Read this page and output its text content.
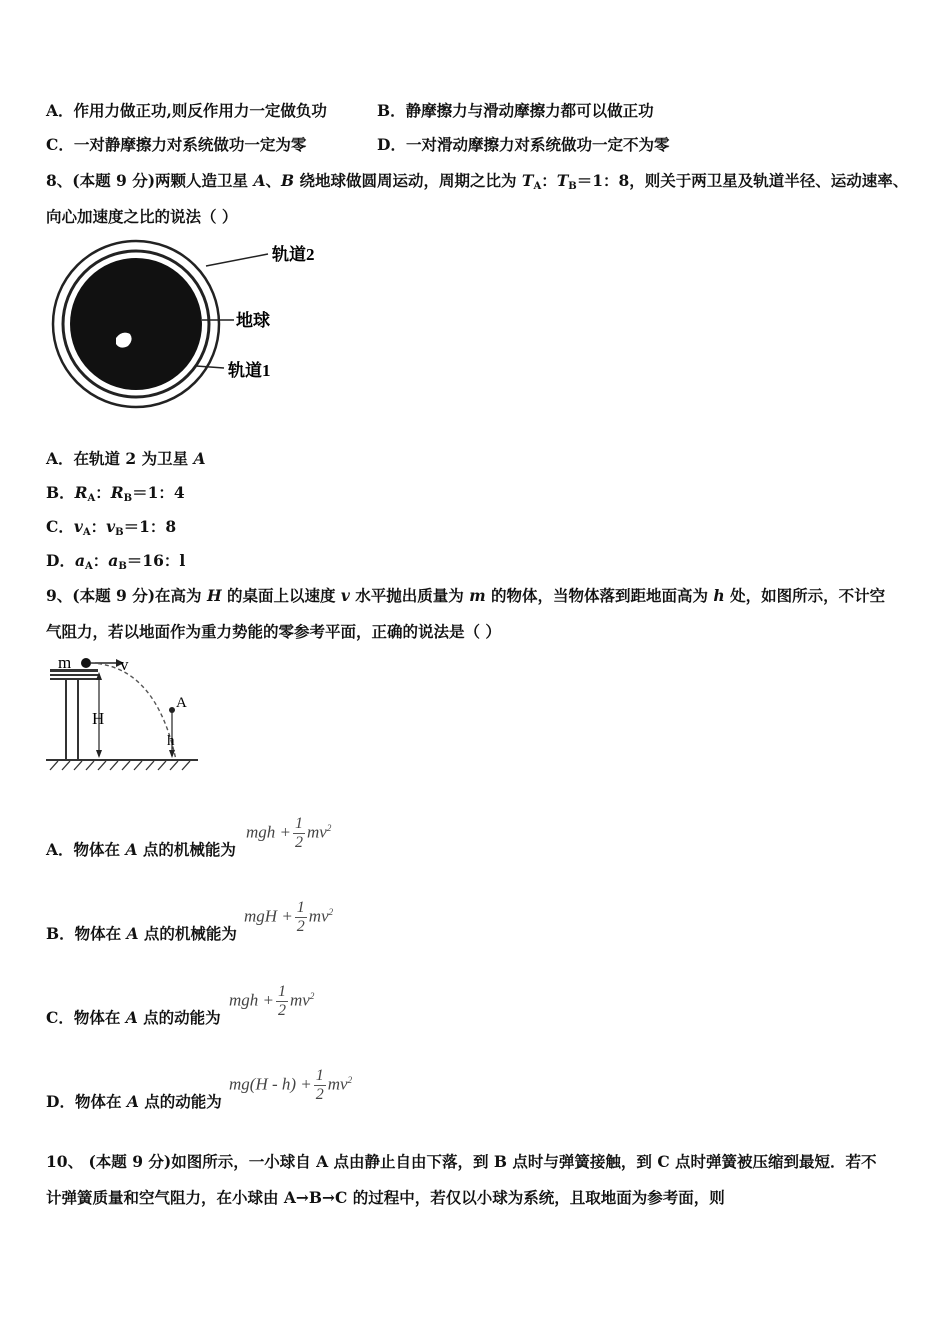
A．作用力做正功,则反作用力一定做负功	B．静摩擦力与滑动摩擦力都可以做正功
C．一对静摩擦力对系统做功一定为零	D．一对滑动摩擦力对系统做功一定不为零
8、(本题 9 分)两颗人造卫星 A、B 绕地球做圆周运动，周期之比为 $T_A$：$T_B=1$：8，则关于两卫星及轨道半径、运动速率、
向心加速度之比的说法（ ）
轨道2
地球
轨道1
A．在轨道 2 为卫星 A
B．$R_A$：$R_B=1$：4
C．$v_A$：$v_B=1$：8
D．$a_A$：$a_B=16$：l
9、(本题 9 分)在高为 H 的桌面上以速度 v 水平抛出质量为 m 的物体，当物体落到距地面高为 h 处，如图所示，不计空
气阻力，若以地面作为重力势能的零参考平面，正确的说法是（ ）
m	v
H
A
h
A．物体在 A 点的机械能为
mgh + $\frac{1}{2} mv^2$
B．物体在 A 点的机械能为
mgH + $\frac{1}{2} mv^2$
C．物体在 A 点的动能为
mgh + $\frac{1}{2} mv^2$
D．物体在 A 点的动能为
$mg(H - h) + \frac{1}{2} mv^2$
10、 (本题 9 分)如图所示，一小球自 A 点由静止自由下落，到 B 点时与弹簧接触，到 C 点时弹簧被压缩到最短．若不
计弹簧质量和空气阻力，在小球由 A→B→C 的过程中，若仅以小球为系统，且取地面为参考面，则
